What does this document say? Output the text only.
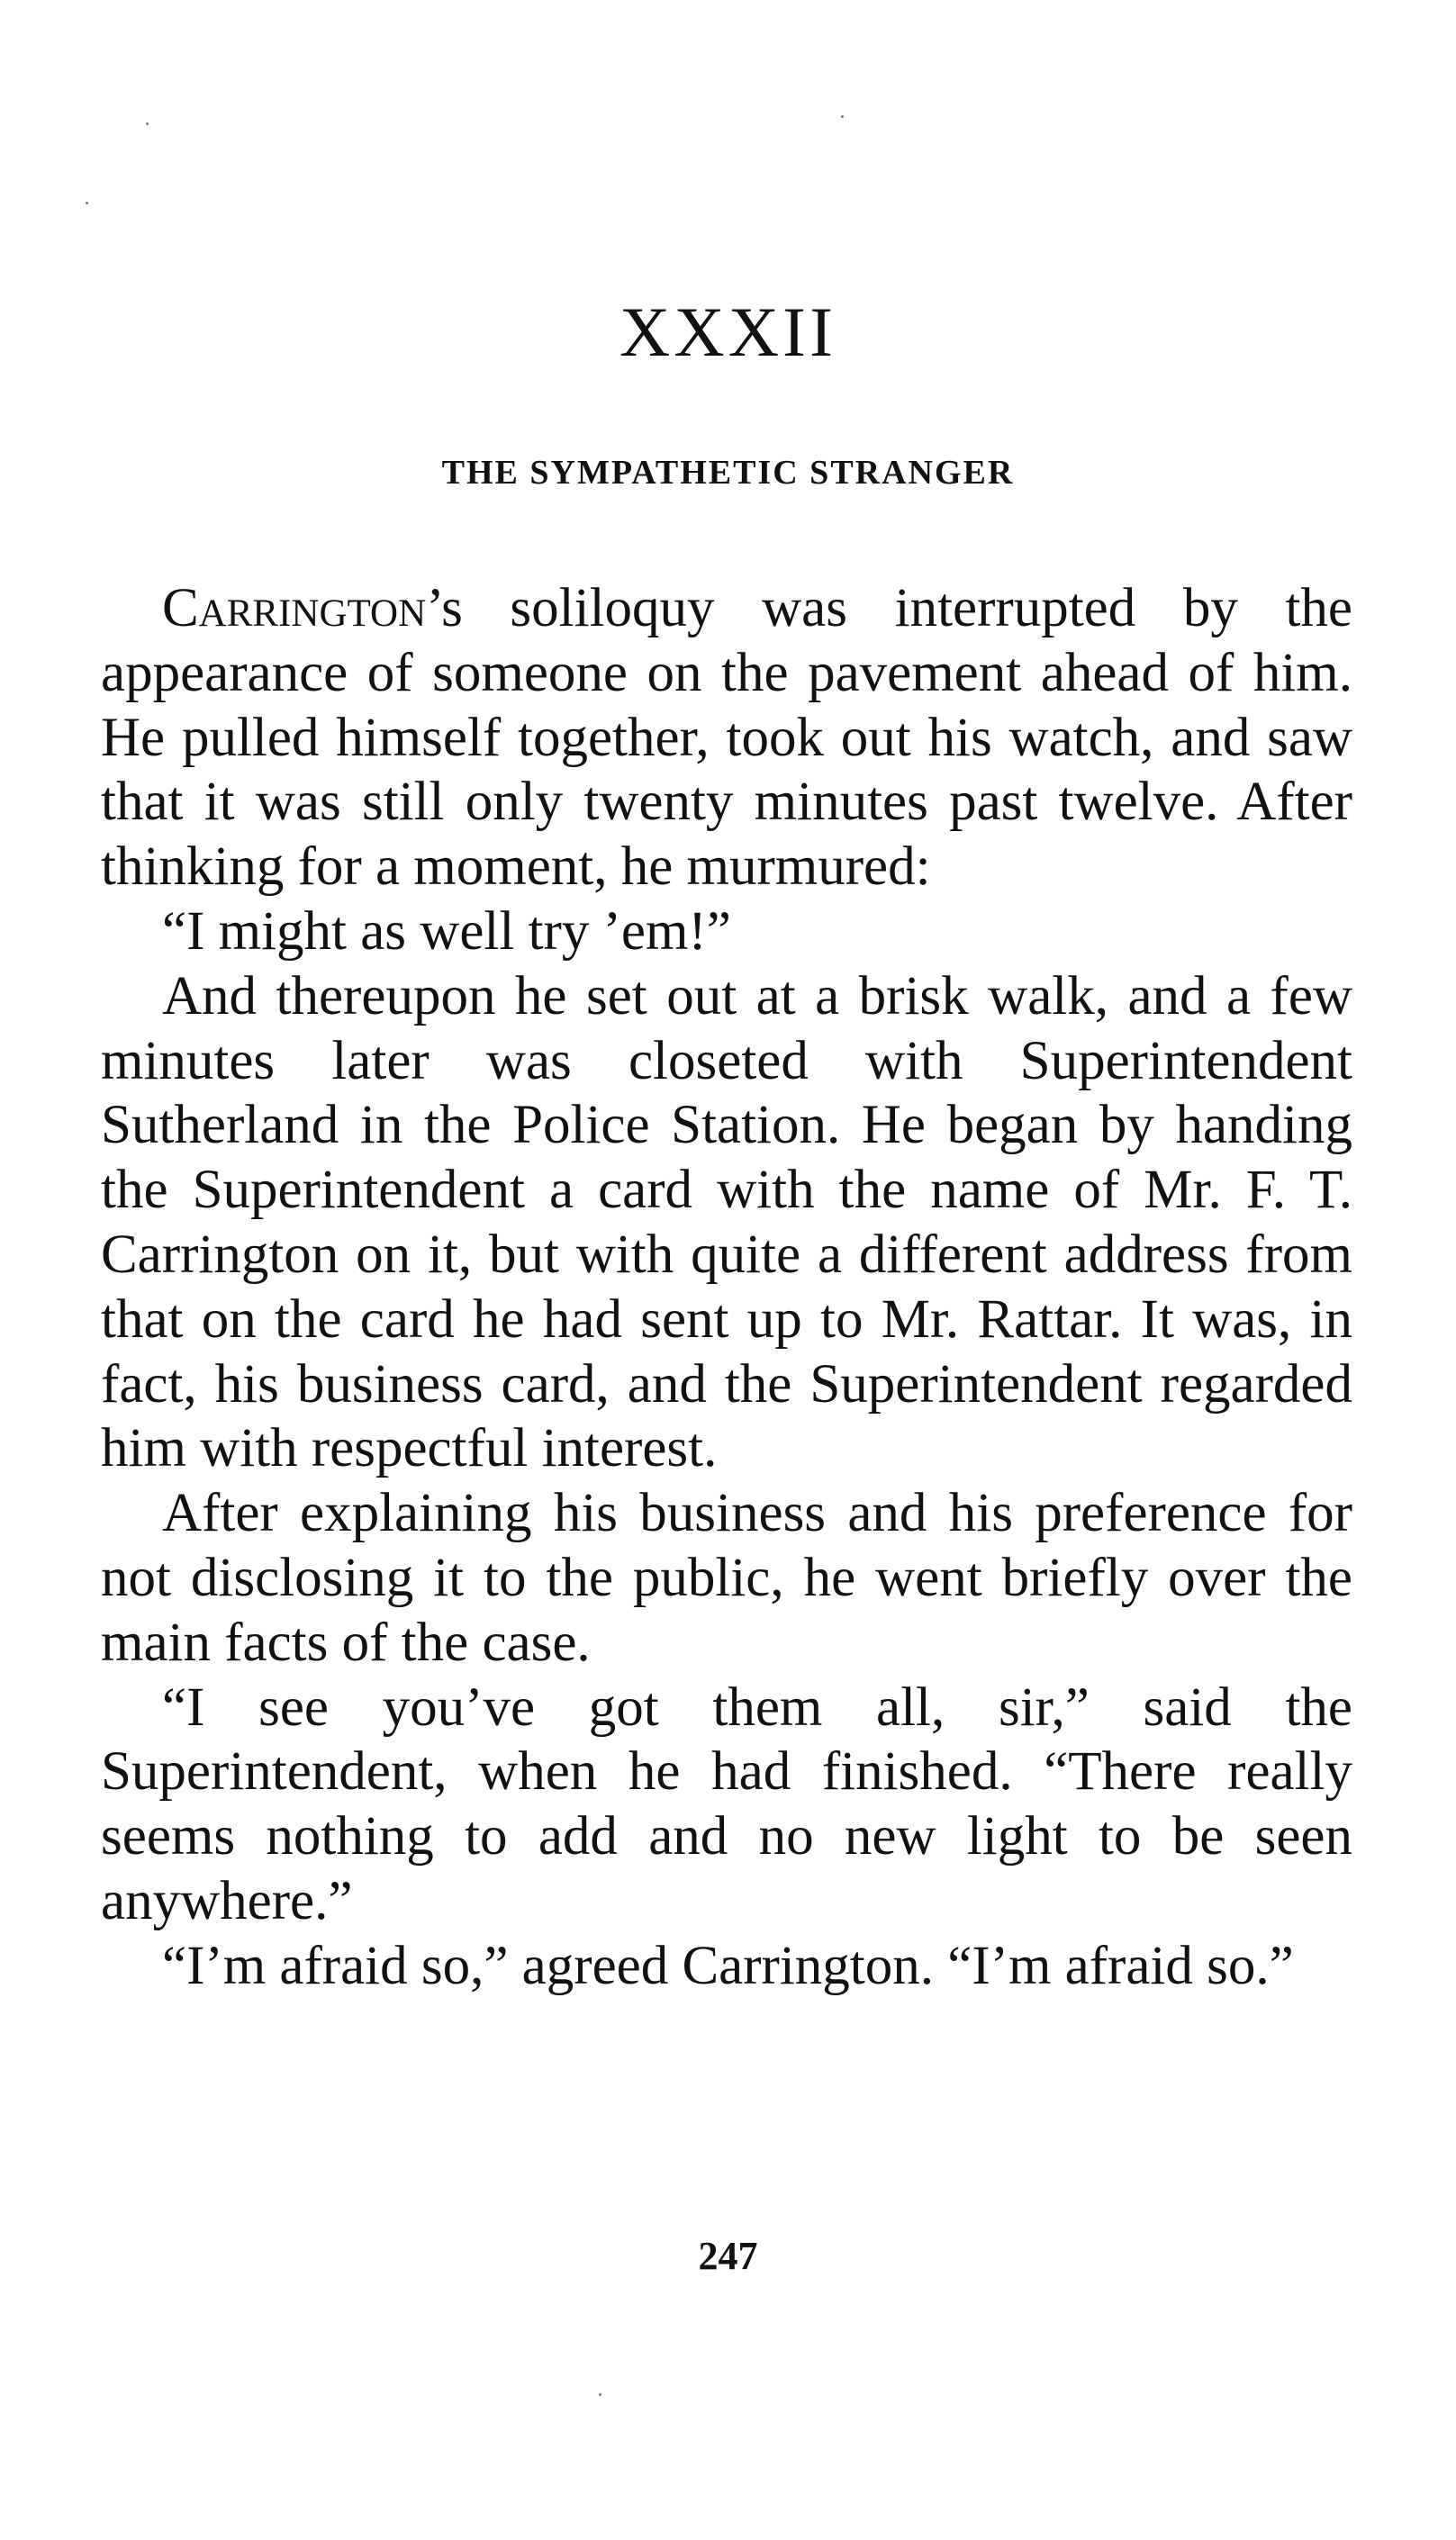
XXXII
THE SYMPATHETIC STRANGER

Carrington’s soliloquy was interrupted by the appearance of someone on the pavement ahead of him. He pulled himself together, took out his watch, and saw that it was still only twenty minutes past twelve. After thinking for a moment, he murmured:

“I might as well try ’em!”

And thereupon he set out at a brisk walk, and a few minutes later was closeted with Superintendent Sutherland in the Police Station. He began by handing the Superintendent a card with the name of Mr. F. T. Carrington on it, but with quite a different address from that on the card he had sent up to Mr. Rattar. It was, in fact, his business card, and the Superintendent regarded him with respectful interest.

After explaining his business and his preference for not disclosing it to the public, he went briefly over the main facts of the case.

“I see you’ve got them all, sir,” said the Superintendent, when he had finished. “There really seems nothing to add and no new light to be seen anywhere.”

“I’m afraid so,” agreed Carrington. “I’m afraid so.”

247
